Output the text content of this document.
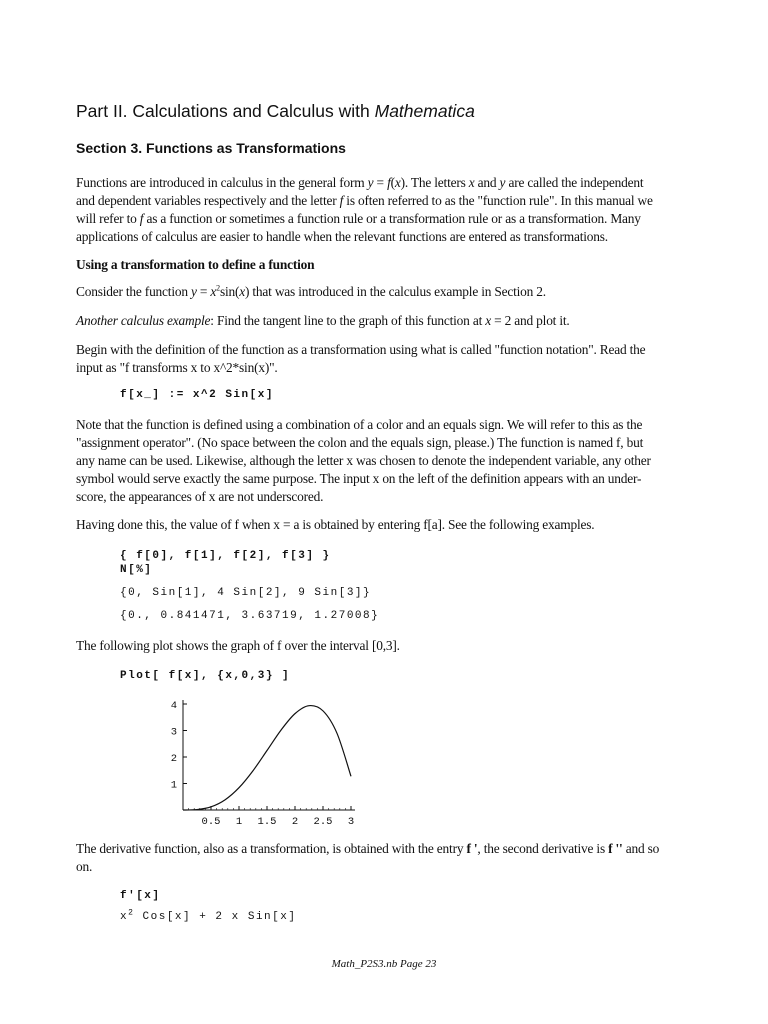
Part II. Calculations and Calculus with Mathematica
Section 3. Functions as Transformations

Functions are introduced in calculus in the general form y = f(x). The letters x and y are called the independent
and dependent variables respectively and the letter f is often referred to as the "function rule". In this manual we
will refer to f as a function or sometimes a function rule or a transformation rule or as a transformation. Many
applications of calculus are easier to handle when the relevant functions are entered as transformations.

Using a transformation to define a function

Consider the function $y = x^2\sin(x)$ that was introduced in the calculus example in Section 2.

Another calculus example: Find the tangent line to the graph of this function at x = 2 and plot it.

Begin with the definition of the function as a transformation using what is called "function notation". Read the
input as "f transforms x to x^2*sin(x)".

f[x_] := x^2 Sin[x]

Note that the function is defined using a combination of a color and an equals sign. We will refer to this as the
"assignment operator". (No space between the colon and the equals sign, please.) The function is named f, but
any name can be used. Likewise, although the letter x was chosen to denote the independent variable, any other
symbol would serve exactly the same purpose. The input x on the left of the definition appears with an under-
score, the appearances of x are not underscored.

Having done this, the value of f when x = a is obtained by entering f[a]. See the following examples.

{ f[0], f[1], f[2], f[3] }
N[%]
{0, Sin[1], 4 Sin[2], 9 Sin[3]}
{0., 0.841471, 3.63719, 1.27008}

The following plot shows the graph of f over the interval [0,3].

Plot[ f[x], {x,0,3} ]
0.5 1 1.5 2 2.5 3
1
2
3
4

The derivative function, also as a transformation, is obtained with the entry f ', the second derivative is f '' and so
on.

f'[x]
$x^2$ Cos[x] + 2 x Sin[x]
Math_P2S3.nb Page 23
